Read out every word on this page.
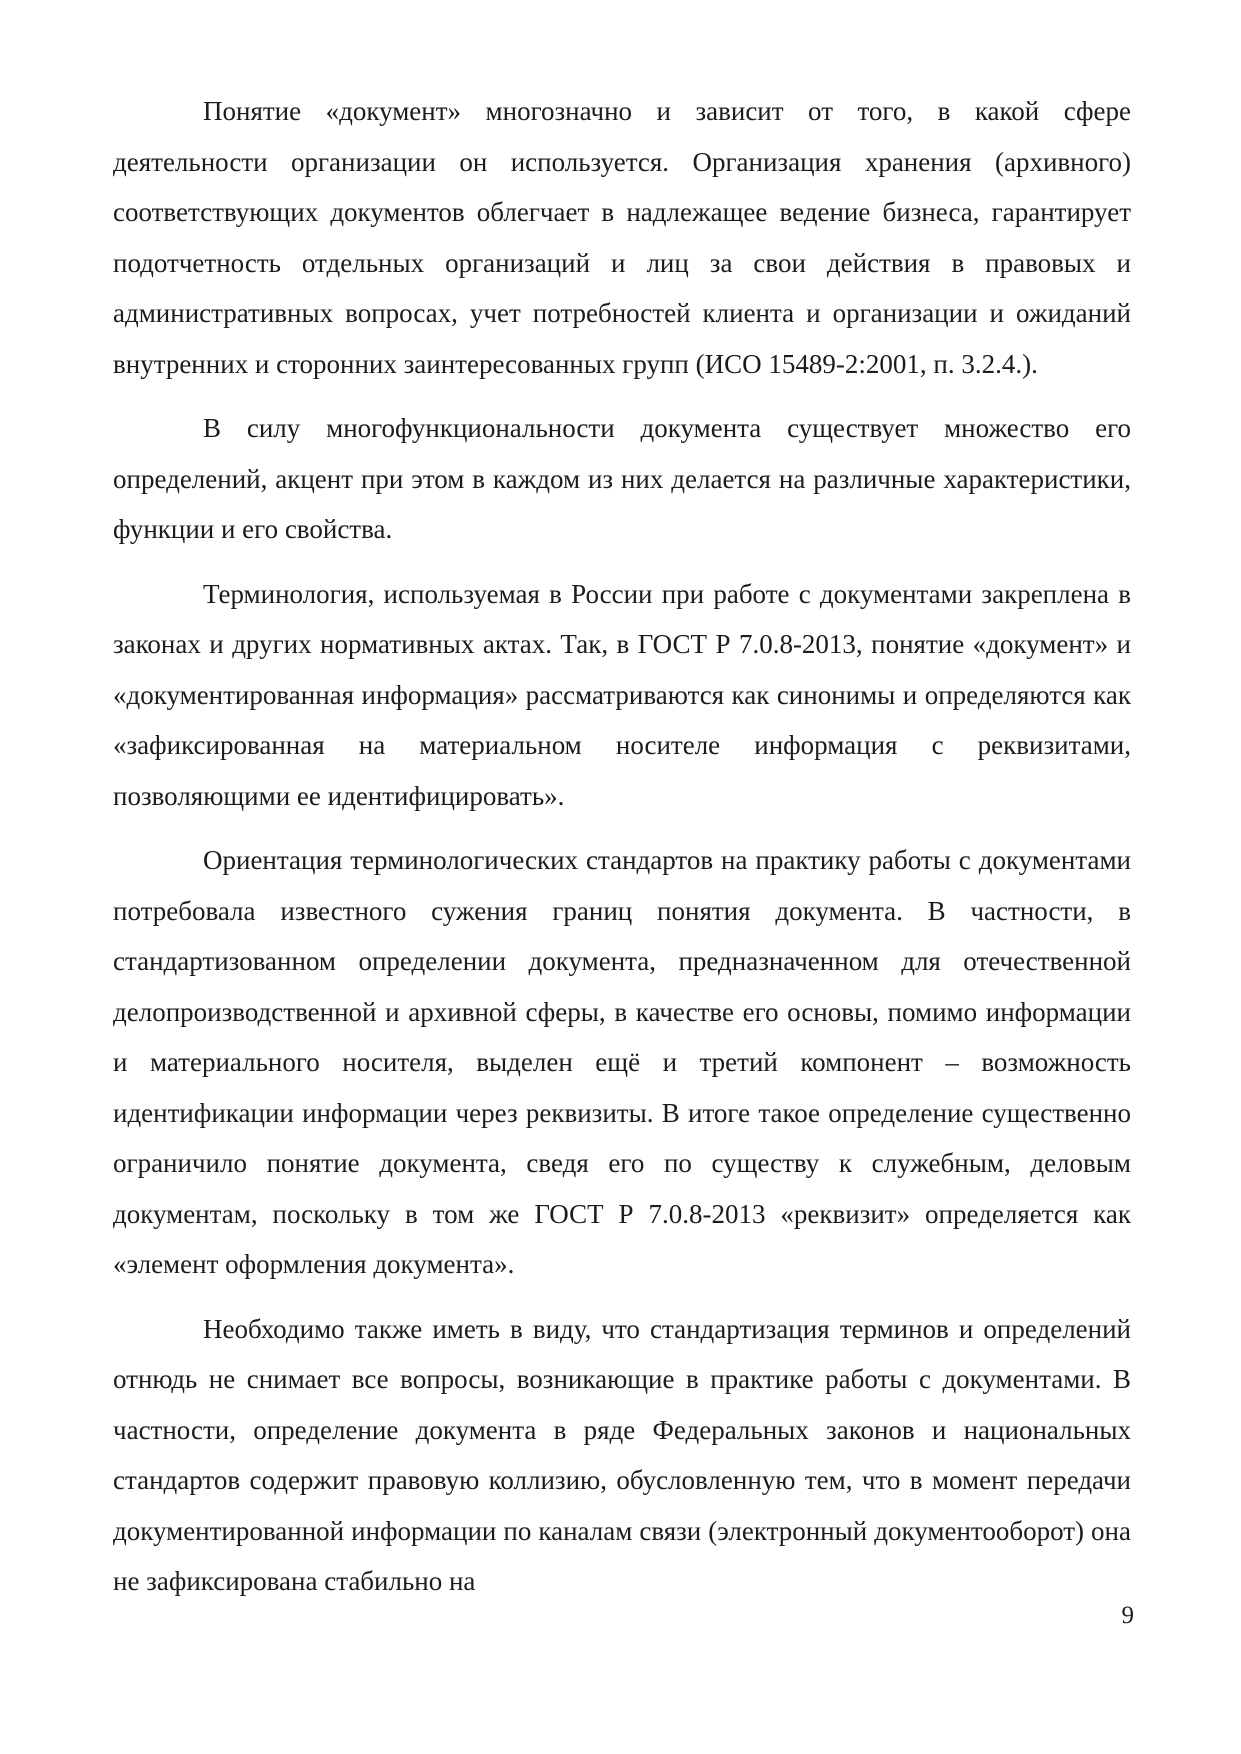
Понятие «документ» многозначно и зависит от того, в какой сфере деятельности организации он используется. Организация хранения (архивного) соответствующих документов облегчает в надлежащее ведение бизнеса, гарантирует подотчетность отдельных организаций и лиц за свои действия в правовых и административных вопросах, учет потребностей клиента и организации и ожиданий внутренних и сторонних заинтересованных групп (ИСО 15489-2:2001, п. 3.2.4.).

В силу многофункциональности документа существует множество его определений, акцент при этом в каждом из них делается на различные характеристики, функции и его свойства.

Терминология, используемая в России при работе с документами закреплена в законах и других нормативных актах. Так, в ГОСТ Р 7.0.8-2013, понятие «документ» и «документированная информация» рассматриваются как синонимы и определяются как «зафиксированная на материальном носителе информация с реквизитами, позволяющими ее идентифицировать».

Ориентация терминологических стандартов на практику работы с документами потребовала известного сужения границ понятия документа. В частности, в стандартизованном определении документа, предназначенном для отечественной делопроизводственной и архивной сферы, в качестве его основы, помимо информации и материального носителя, выделен ещё и третий компонент – возможность идентификации информации через реквизиты. В итоге такое определение существенно ограничило понятие документа, сведя его по существу к служебным, деловым документам, поскольку в том же ГОСТ Р 7.0.8-2013 «реквизит» определяется как «элемент оформления документа».

Необходимо также иметь в виду, что стандартизация терминов и определений отнюдь не снимает все вопросы, возникающие в практике работы с документами. В частности, определение документа в ряде Федеральных законов и национальных стандартов содержит правовую коллизию, обусловленную тем, что в момент передачи документированной информации по каналам связи (электронный документооборот) она не зафиксирована стабильно на

9
